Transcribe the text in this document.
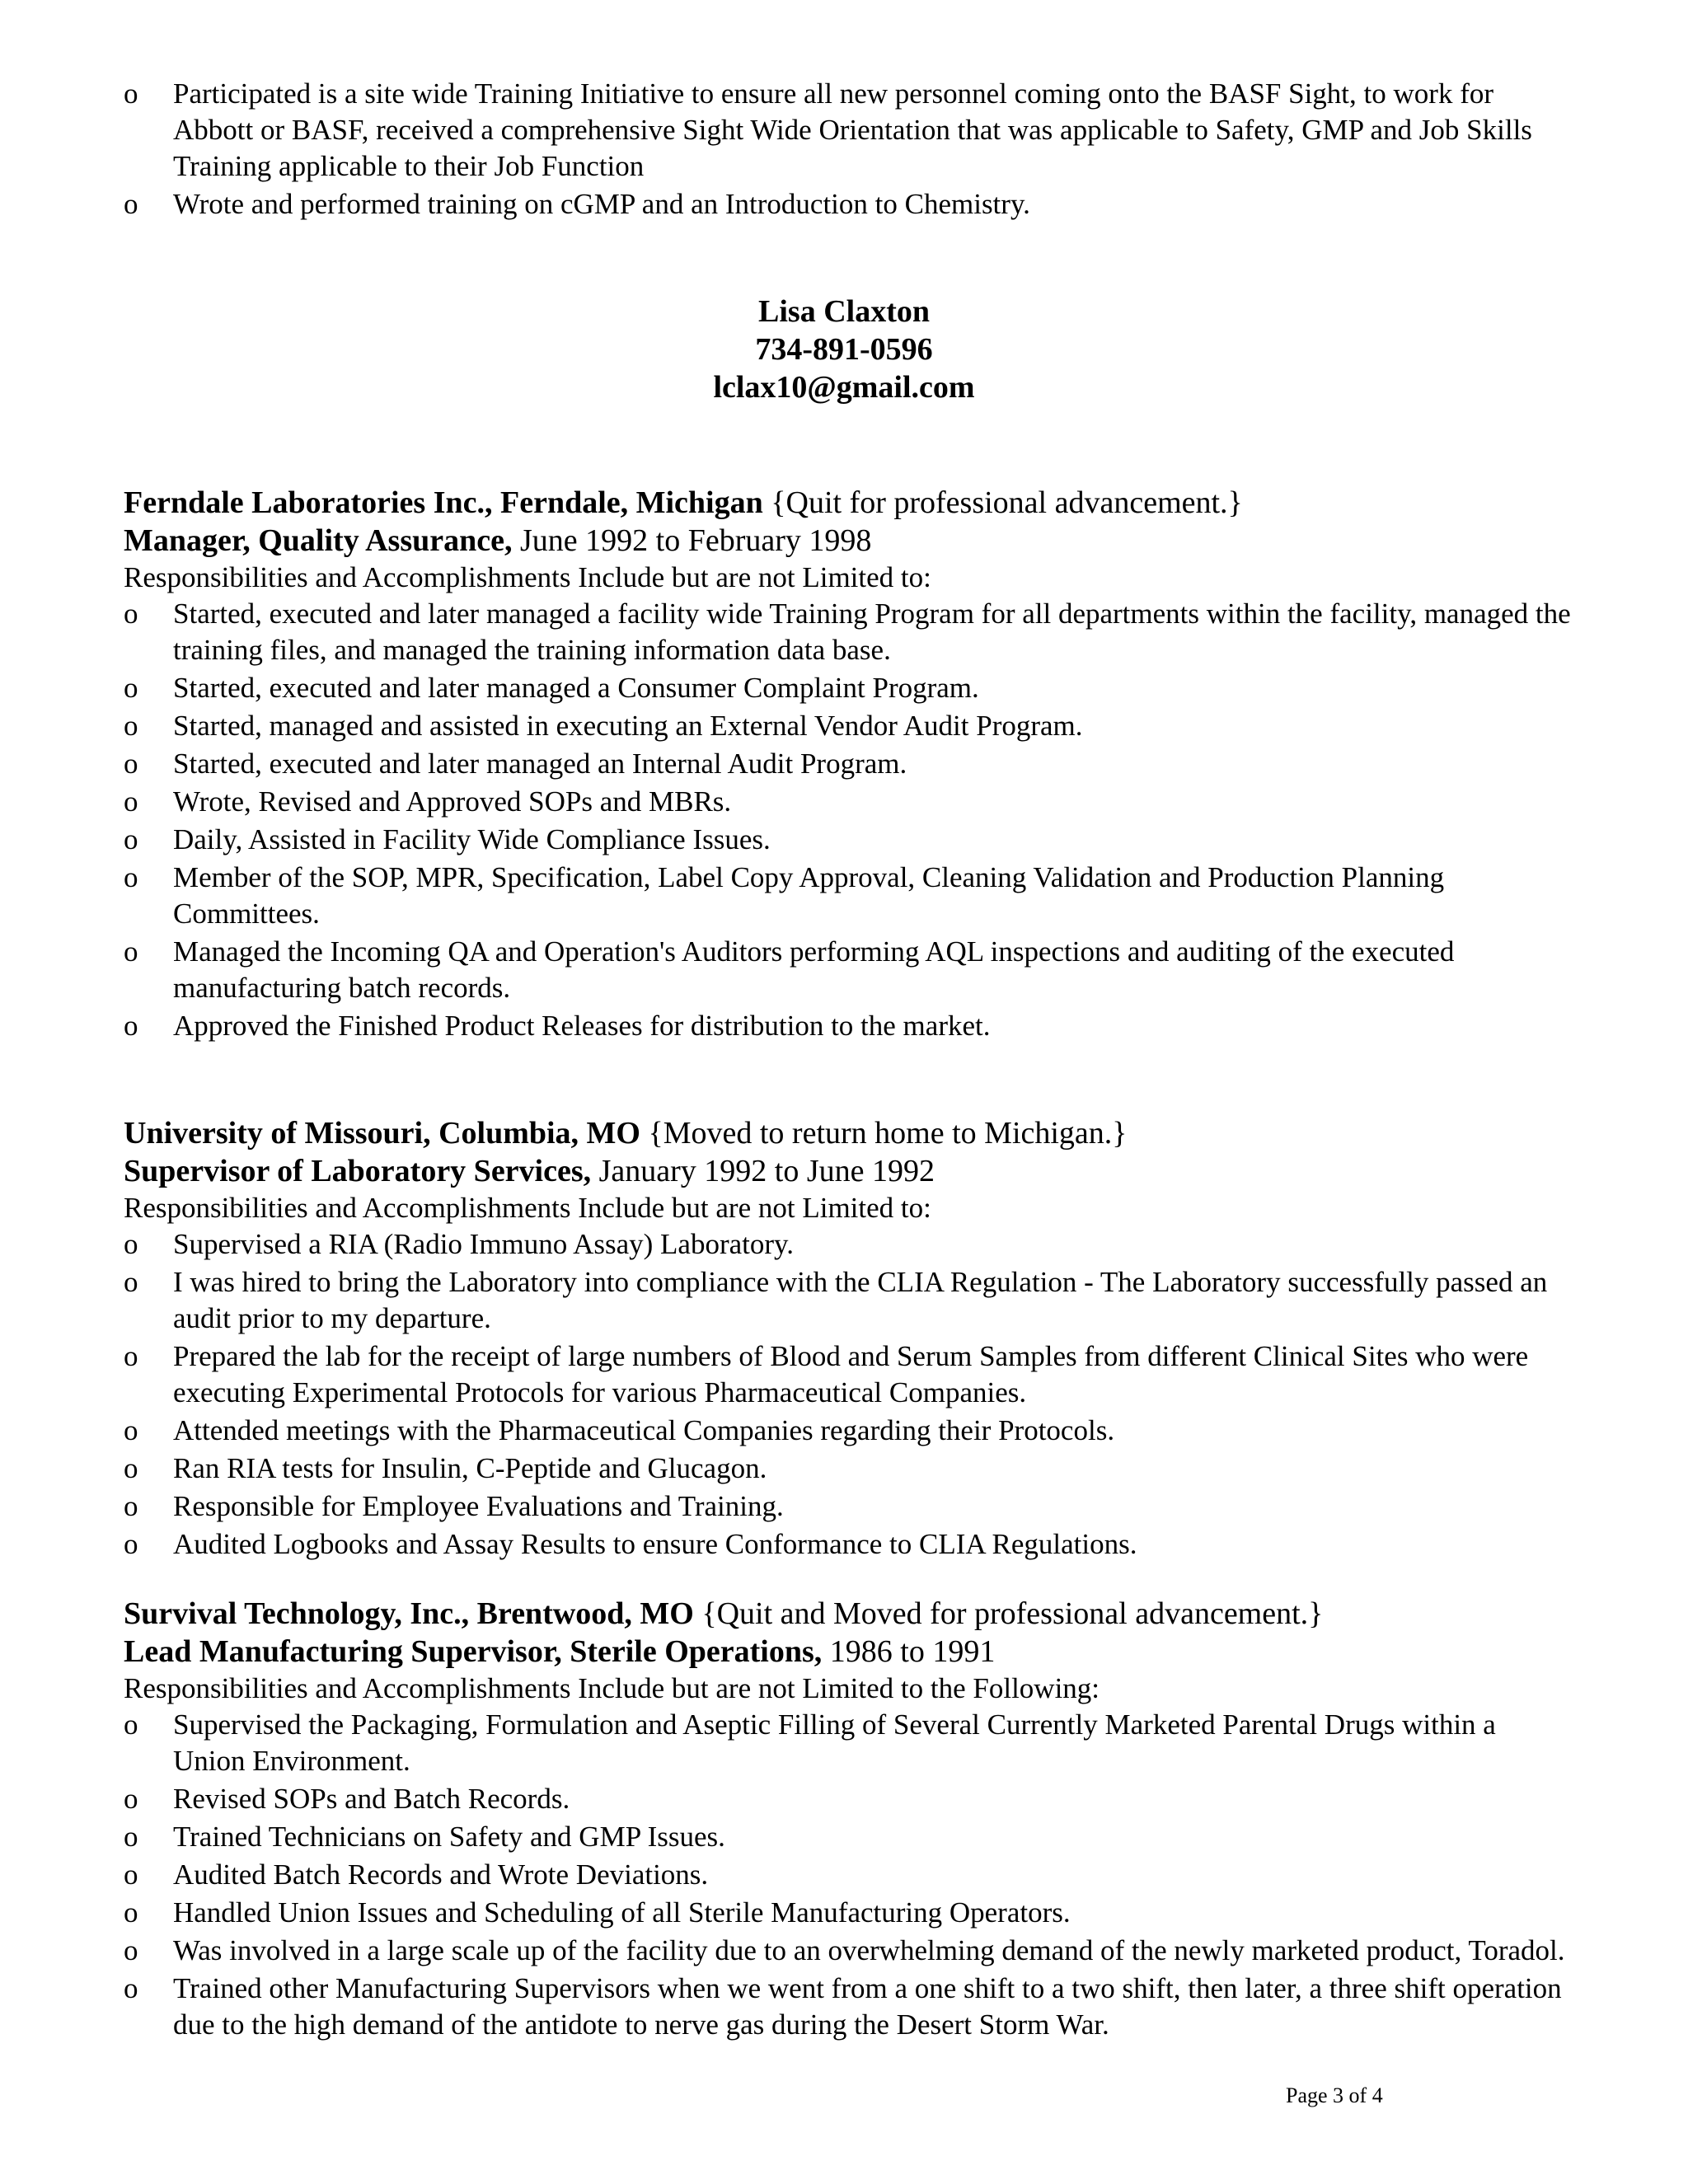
o	Participated is a site wide Training Initiative to ensure all new personnel coming onto the BASF Sight, to work for Abbott or BASF, received a comprehensive Sight Wide Orientation that was applicable to Safety, GMP and Job Skills Training applicable to their Job Function
o	Wrote and performed training on cGMP and an Introduction to Chemistry.
Lisa Claxton
734-891-0596
lclax10@gmail.com
Ferndale Laboratories Inc., Ferndale, Michigan {Quit for professional advancement.}
Manager, Quality Assurance, June 1992 to February 1998

Responsibilities and Accomplishments Include but are not Limited to:

o	Started, executed and later managed a facility wide Training Program for all departments within the facility, managed the training files, and managed the training information data base.
o	Started, executed and later managed a Consumer Complaint Program.
o	Started, managed and assisted in executing an External Vendor Audit Program.
o	Started, executed and later managed an Internal Audit Program.
o	Wrote, Revised and Approved SOPs and MBRs.
o	Daily, Assisted in Facility Wide Compliance Issues.
o	Member of the SOP, MPR, Specification, Label Copy Approval, Cleaning Validation and Production Planning Committees.
o	Managed the Incoming QA and Operation's Auditors performing AQL inspections and auditing of the executed manufacturing batch records.
o	Approved the Finished Product Releases for distribution to the market.
University of Missouri, Columbia, MO {Moved to return home to Michigan.}
Supervisor of Laboratory Services, January 1992 to June 1992

Responsibilities and Accomplishments Include but are not Limited to:

o	Supervised a RIA (Radio Immuno Assay) Laboratory.
o	I was hired to bring the Laboratory into compliance with the CLIA Regulation - The Laboratory successfully passed an audit prior to my departure.
o	Prepared the lab for the receipt of large numbers of Blood and Serum Samples from different Clinical Sites who were executing Experimental Protocols for various Pharmaceutical Companies.
o	Attended meetings with the Pharmaceutical Companies regarding their Protocols.
o	Ran RIA tests for Insulin, C-Peptide and Glucagon.
o	Responsible for Employee Evaluations and Training.
o	Audited Logbooks and Assay Results to ensure Conformance to CLIA Regulations.
Survival Technology, Inc., Brentwood, MO {Quit and Moved for professional advancement.}
Lead Manufacturing Supervisor, Sterile Operations, 1986 to 1991

Responsibilities and Accomplishments Include but are not Limited to the Following:

o	Supervised the Packaging, Formulation and Aseptic Filling of Several Currently Marketed Parental Drugs within a Union Environment.
o	Revised SOPs and Batch Records.
o	Trained Technicians on Safety and GMP Issues.
o	Audited Batch Records and Wrote Deviations.
o	Handled Union Issues and Scheduling of all Sterile Manufacturing Operators.
o	Was involved in a large scale up of the facility due to an overwhelming demand of the newly marketed product, Toradol.
o	Trained other Manufacturing Supervisors when we went from a one shift to a two shift, then later, a three shift operation due to the high demand of the antidote to nerve gas during the Desert Storm War.
Page 3 of 4
